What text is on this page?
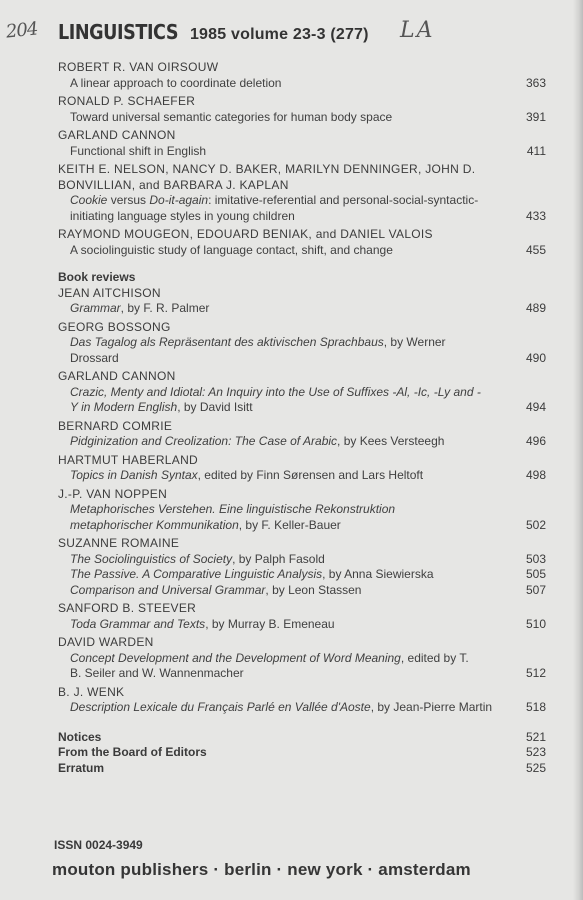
204	LA
LINGUISTICS 1985 volume 23-3 (277)
ROBERT R. VAN OIRSOUW
A linear approach to coordinate deletion	363
RONALD P. SCHAEFER
Toward universal semantic categories for human body space	391
GARLAND CANNON
Functional shift in English	411
KEITH E. NELSON, NANCY D. BAKER, MARILYN DENNINGER, JOHN D. BONVILLIAN, and BARBARA J. KAPLAN
Cookie versus Do-it-again: imitative-referential and personal-social-syntactic-initiating language styles in young children	433
RAYMOND MOUGEON, EDOUARD BENIAK, and DANIEL VALOIS
A sociolinguistic study of language contact, shift, and change	455
Book reviews
JEAN AITCHISON
Grammar, by F. R. Palmer	489
GEORG BOSSONG
Das Tagalog als Repräsentant des aktivischen Sprachbaus, by Werner Drossard	490
GARLAND CANNON
Crazic, Menty and Idiotal: An Inquiry into the Use of Suffixes -Al, -Ic, -Ly and -Y in Modern English, by David Isitt	494
BERNARD COMRIE
Pidginization and Creolization: The Case of Arabic, by Kees Versteegh	496
HARTMUT HABERLAND
Topics in Danish Syntax, edited by Finn Sørensen and Lars Heltoft	498
J.-P. VAN NOPPEN
Metaphorisches Verstehen. Eine linguistische Rekonstruktion metaphorischer Kommunikation, by F. Keller-Bauer	502
SUZANNE ROMAINE
The Sociolinguistics of Society, by Palph Fasold	503
The Passive. A Comparative Linguistic Analysis, by Anna Siewierska	505
Comparison and Universal Grammar, by Leon Stassen	507
SANFORD B. STEEVER
Toda Grammar and Texts, by Murray B. Emeneau	510
DAVID WARDEN
Concept Development and the Development of Word Meaning, edited by T. B. Seiler and W. Wannenmacher	512
B. J. WENK
Description Lexicale du Français Parlé en Vallée d'Aoste, by Jean-Pierre Martin	518
Notices	521
From the Board of Editors	523
Erratum	525
ISSN 0024-3949
mouton publishers · berlin · new york · amsterdam
